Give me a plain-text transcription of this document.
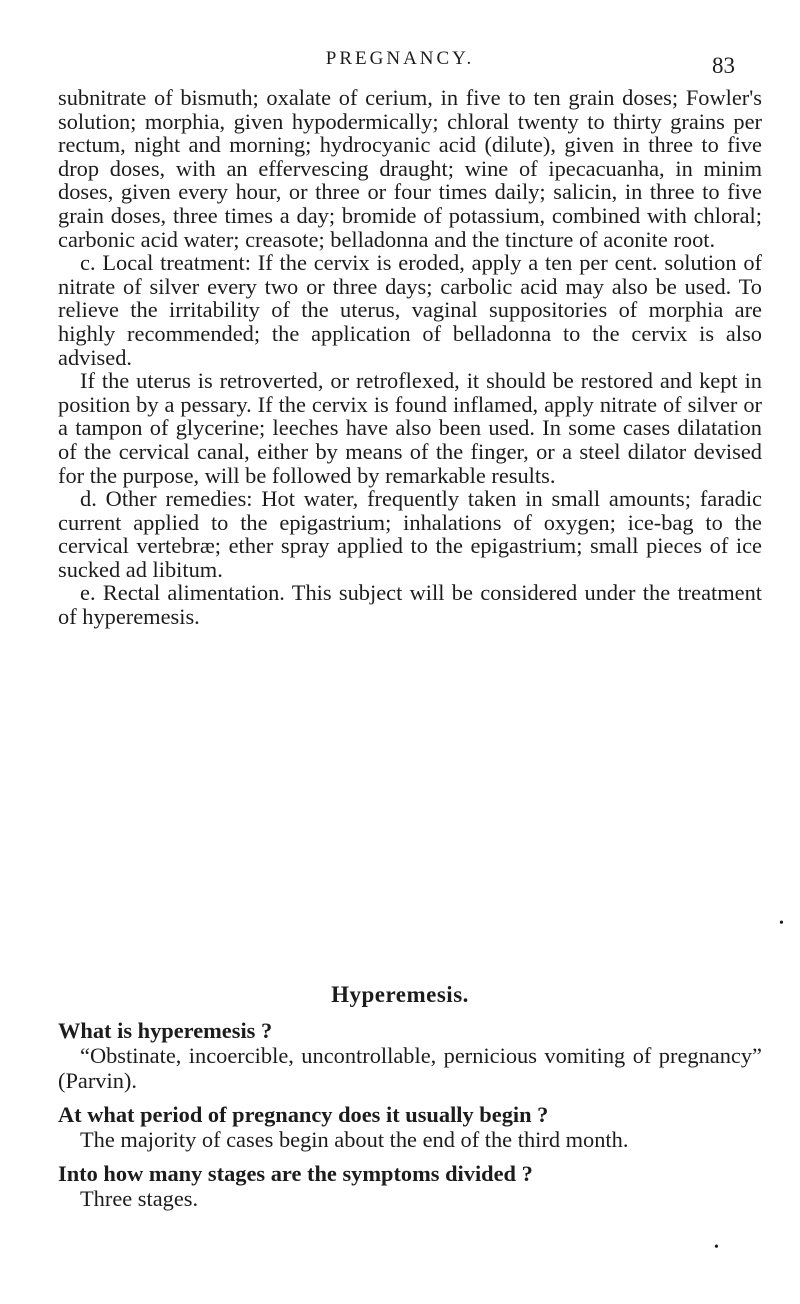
PREGNANCY.	83

subnitrate of bismuth; oxalate of cerium, in five to ten grain doses; Fowler's solution; morphia, given hypodermically; chloral twenty to thirty grains per rectum, night and morning; hydrocyanic acid (dilute), given in three to five drop doses, with an effervescing draught; wine of ipecacuanha, in minim doses, given every hour, or three or four times daily; salicin, in three to five grain doses, three times a day; bromide of potassium, combined with chloral; carbonic acid water; creasote; belladonna and the tincture of aconite root.

c. Local treatment: If the cervix is eroded, apply a ten per cent. solution of nitrate of silver every two or three days; carbolic acid may also be used. To relieve the irritability of the uterus, vaginal suppositories of morphia are highly recommended; the application of belladonna to the cervix is also advised.

If the uterus is retroverted, or retroflexed, it should be restored and kept in position by a pessary. If the cervix is found inflamed, apply nitrate of silver or a tampon of glycerine; leeches have also been used. In some cases dilatation of the cervical canal, either by means of the finger, or a steel dilator devised for the purpose, will be followed by remarkable results.

d. Other remedies: Hot water, frequently taken in small amounts; faradic current applied to the epigastrium; inhalations of oxygen; ice-bag to the cervical vertebræ; ether spray applied to the epigastrium; small pieces of ice sucked ad libitum.

e. Rectal alimentation. This subject will be considered under the treatment of hyperemesis.

Hyperemesis.

What is hyperemesis ?

“Obstinate, incoercible, uncontrollable, pernicious vomiting of pregnancy” (Parvin).

At what period of pregnancy does it usually begin ?

The majority of cases begin about the end of the third month.

Into how many stages are the symptoms divided ?

Three stages.

•
•
